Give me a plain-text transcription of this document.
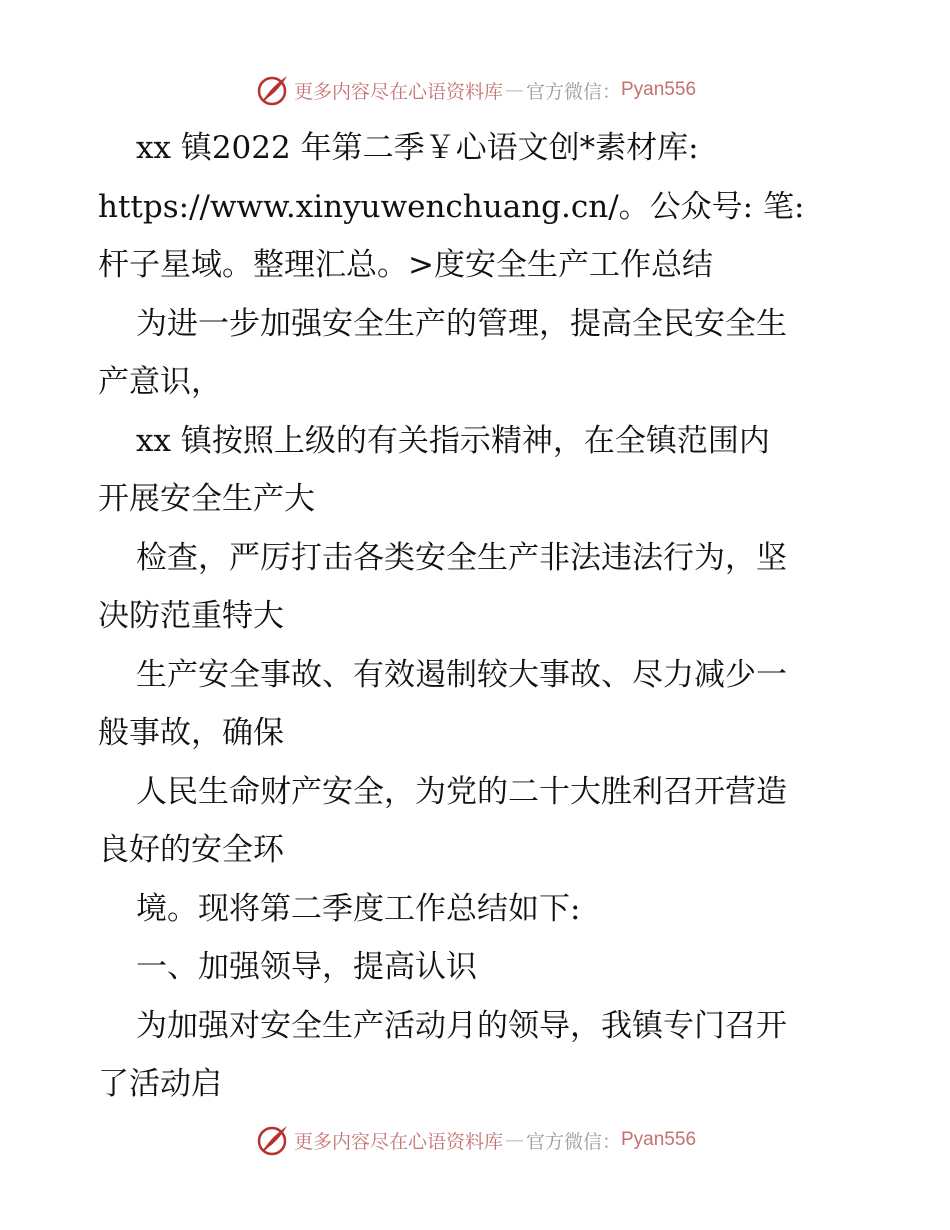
更多内容尽在心语资料库 — 官方微信： Pyan556

xx 镇2022 年第二季￥心语文创*素材库:

https://www.xinyuwenchuang.cn/。公众号: 笔:

杆子星域。整理汇总。>度安全生产工作总结

为进一步加强安全生产的管理，提高全民安全生

产意识，

xx 镇按照上级的有关指示精神，在全镇范围内

开展安全生产大

检查，严厉打击各类安全生产非法违法行为，坚

决防范重特大

生产安全事故、有效遏制较大事故、尽力减少一

般事故，确保

人民生命财产安全，为党的二十大胜利召开营造

良好的安全环

境。现将第二季度工作总结如下:

一、加强领导，提高认识

为加强对安全生产活动月的领导，我镇专门召开

了活动启

更多内容尽在心语资料库 — 官方微信： Pyan556
